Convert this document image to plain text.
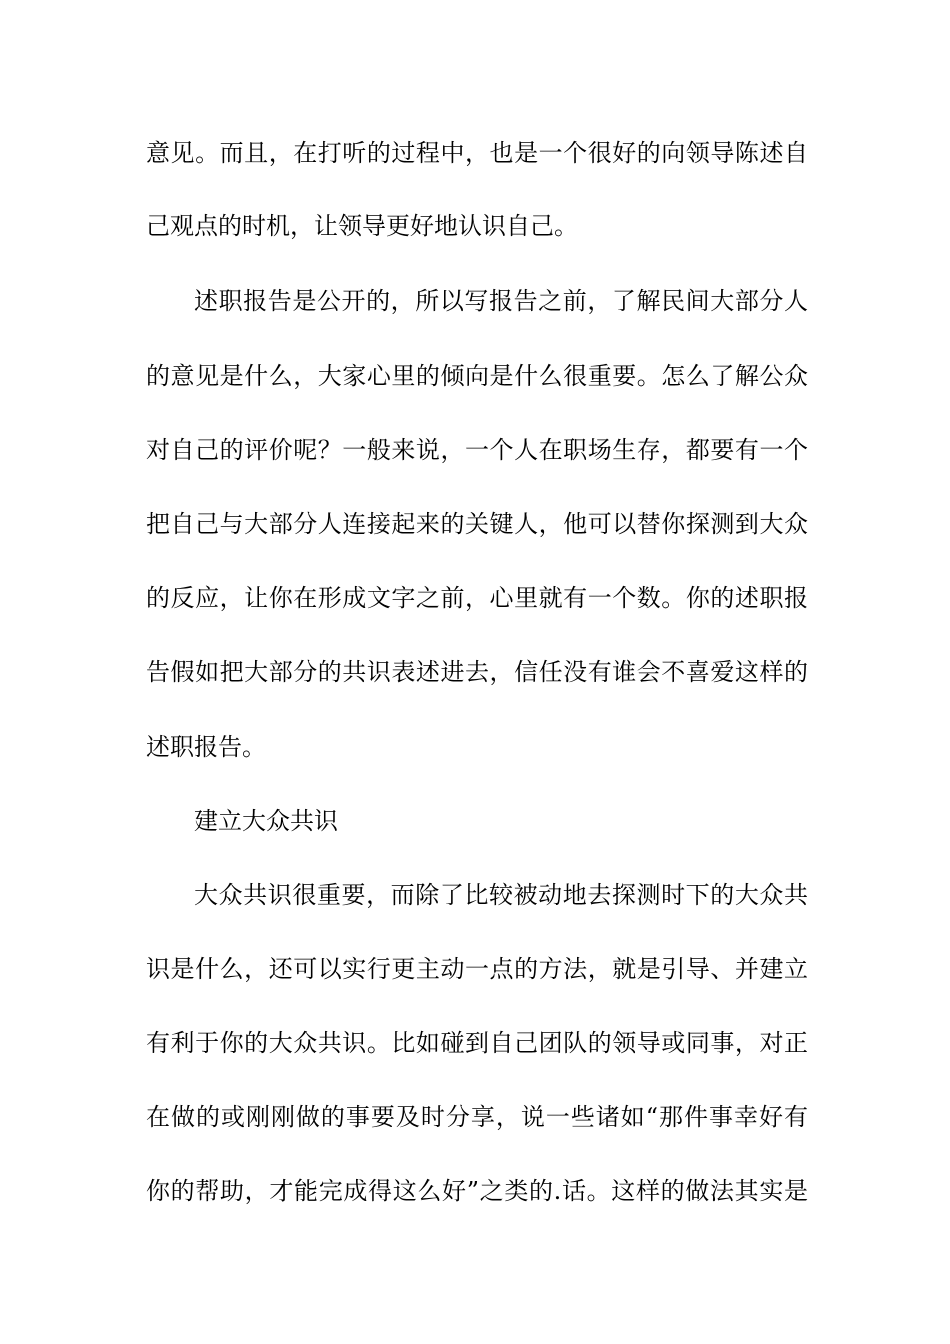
意见。而且，在打听的过程中，也是一个很好的向领导陈述自
己观点的时机，让领导更好地认识自己。
述职报告是公开的，所以写报告之前，了解民间大部分人
的意见是什么，大家心里的倾向是什么很重要。怎么了解公众
对自己的评价呢？一般来说，一个人在职场生存，都要有一个
把自己与大部分人连接起来的关键人，他可以替你探测到大众
的反应，让你在形成文字之前，心里就有一个数。你的述职报
告假如把大部分的共识表述进去，信任没有谁会不喜爱这样的
述职报告。
建立大众共识
大众共识很重要，而除了比较被动地去探测时下的大众共
识是什么，还可以实行更主动一点的方法，就是引导、并建立
有利于你的大众共识。比如碰到自己团队的领导或同事，对正
在做的或刚刚做的事要及时分享，说一些诸如“那件事幸好有
你的帮助，才能完成得这么好”之类的.话。这样的做法其实是
